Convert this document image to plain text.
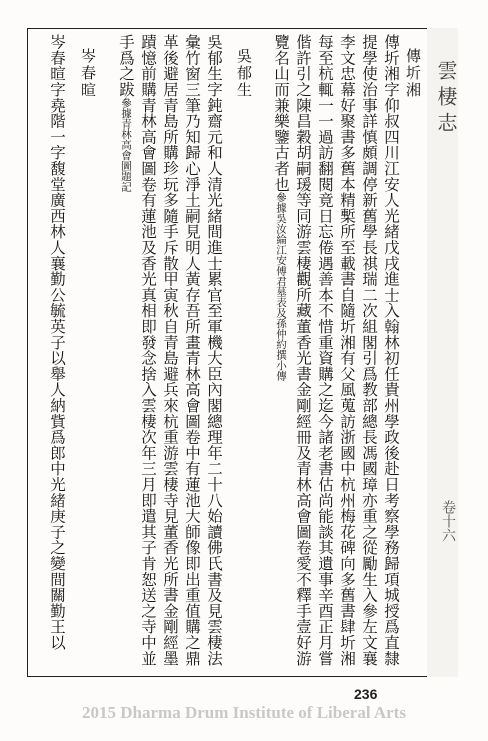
雲棲志
卷十六
傳圻湘
傳圻湘字仰叔四川江安人光緒戊戌進士入翰林初任貴州學政後赴日考察學務歸項城授爲直隸
提學使治事詳慎頗調停新舊學長祺瑞二次組閣引爲教部總長馮國璋亦重之從勵生入參左文襄
李文忠幕好聚書多舊本精槧所至載書自隨圻湘有父風蒐訪浙國中杭州梅花碑向多舊書肆圻湘
每至杭輒一一過訪翻閱竟日忘倦遇善本不惜重資購之迄今諸老書估尚能談其遺事辛酉正月嘗
偕許引之陳昌穀胡嗣瑗等同游雲棲觀所藏董香光書金剛經冊及青林高會圖卷愛不釋手壹好游
覽名山而兼樂鑒古者也參據吳汝綸江安傅君墓表及孫仲約撰小傳
吳郁生
吳郁生字鈍齋元和人清光緒間進士累官至軍機大臣內閣總理年二十八始讀佛氏書及見雲棲法
彙竹窗三筆乃知歸心淨土嗣見明人黃存吾所畫青林高會圖卷中有蓮池大師像即出重值購之鼎
革後避居青島所購珍玩多隨手斥散甲寅秋自青島避兵來杭重游雲棲寺見董香光所書金剛經墨
蹟憶前購青林高會圖卷有蓮池及香光真相即發念捨入雲棲次年三月即遣其子肯恕送之寺中並
手爲之跋參據青林高會圖題記
岑春暄
岑春暄字堯階一字馥堂廣西林人襄勤公毓英子以舉人納貲爲郎中光緒庚子之變間關勤王以
236
2015 Dharma Drum Institute of Liberal Arts
